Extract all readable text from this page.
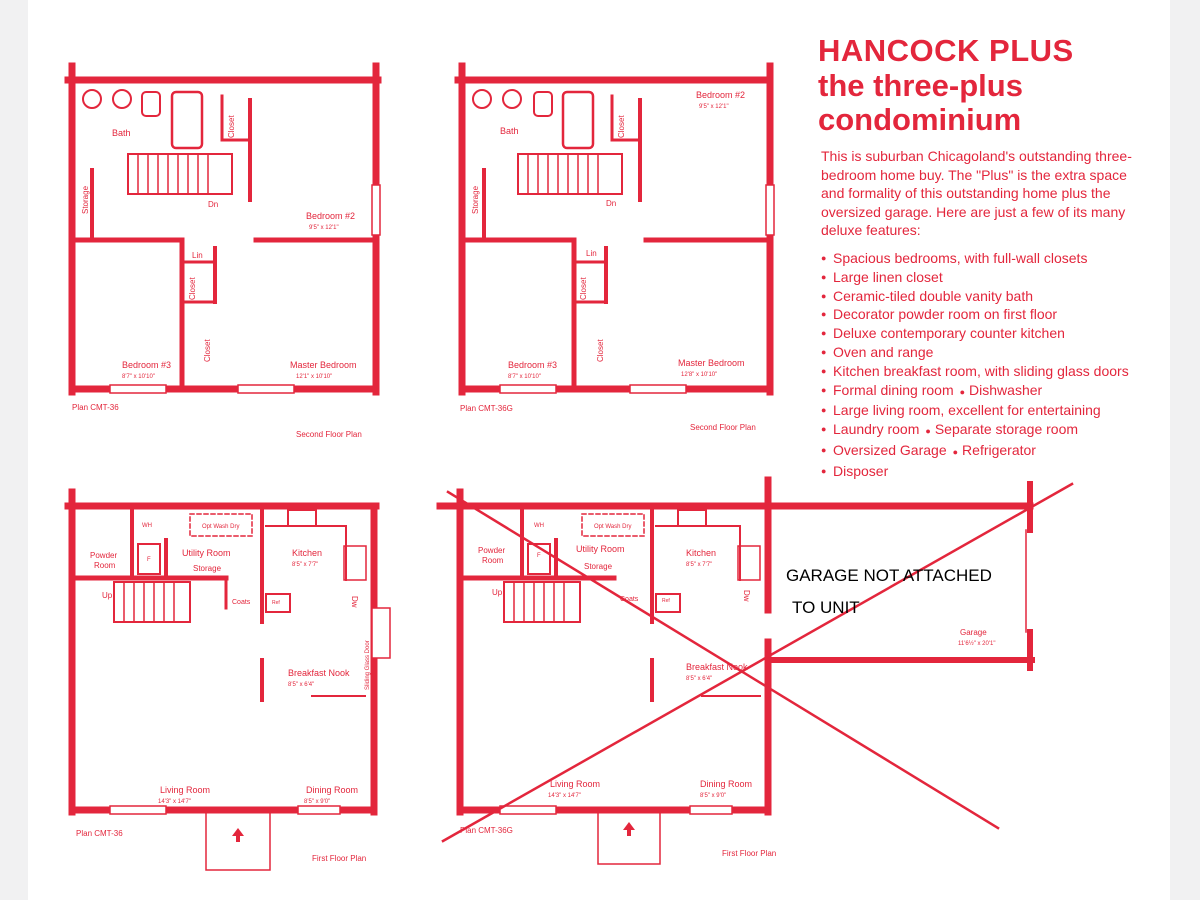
Bath	Closet
Dn
Storage
Bedroom #2
9'5" x 12'1"
Lin
Closet
Closet
Bedroom #3
8'7" x 10'10"
Master Bedroom
12'1" x 10'10"
Plan CMT-36
Second Floor Plan
Bath	Closet
Dn
Storage
Bedroom #2
9'5" x 12'1"
Lin
Closet
Closet
Bedroom #3
8'7" x 10'10"
Master Bedroom
12'8" x 10'10"
Plan CMT-36G
Second Floor Plan
WH	Opt Wash Dry
Powder
Room
F
Utility Room
Storage
Kitchen
8'5" x 7'7"
Dw
Up
Coats	Ref
Sliding Glass Door
Breakfast Nook
8'5" x 6'4"
Living Room
14'3" x 14'7"
Dining Room
8'5" x 9'0"
Plan CMT-36
First Floor Plan
WH	Opt Wash Dry
Powder
Room	F
Utility Room
Storage
Kitchen
8'5" x 7'7"
Dw
Up
Coats	Ref
Breakfast Nook
8'5" x 6'4"
Living Room
14'3" x 14'7"
Dining Room
8'5" x 9'0"
Garage
11'6½" x 20'1"
Plan CMT-36G
First Floor Plan
HANCOCK PLUS
the three-plus
condominium

This is suburban Chicagoland's outstanding three-bedroom home buy. The "Plus" is the extra space and formality of this outstanding home plus the oversized garage. Here are just a few of its many deluxe features:

● Spacious bedrooms, with full-wall closets
● Large linen closet
● Ceramic-tiled double vanity bath
● Decorator powder room on first floor
● Deluxe contemporary counter kitchen
● Oven and range
● Kitchen breakfast room, with sliding glass doors
● Formal dining room ● Dishwasher
● Large living room, excellent for entertaining
● Laundry room ● Separate storage room
● Oversized Garage ● Refrigerator
● Disposer
GARAGE NOT ATTACHED
TO UNIT
